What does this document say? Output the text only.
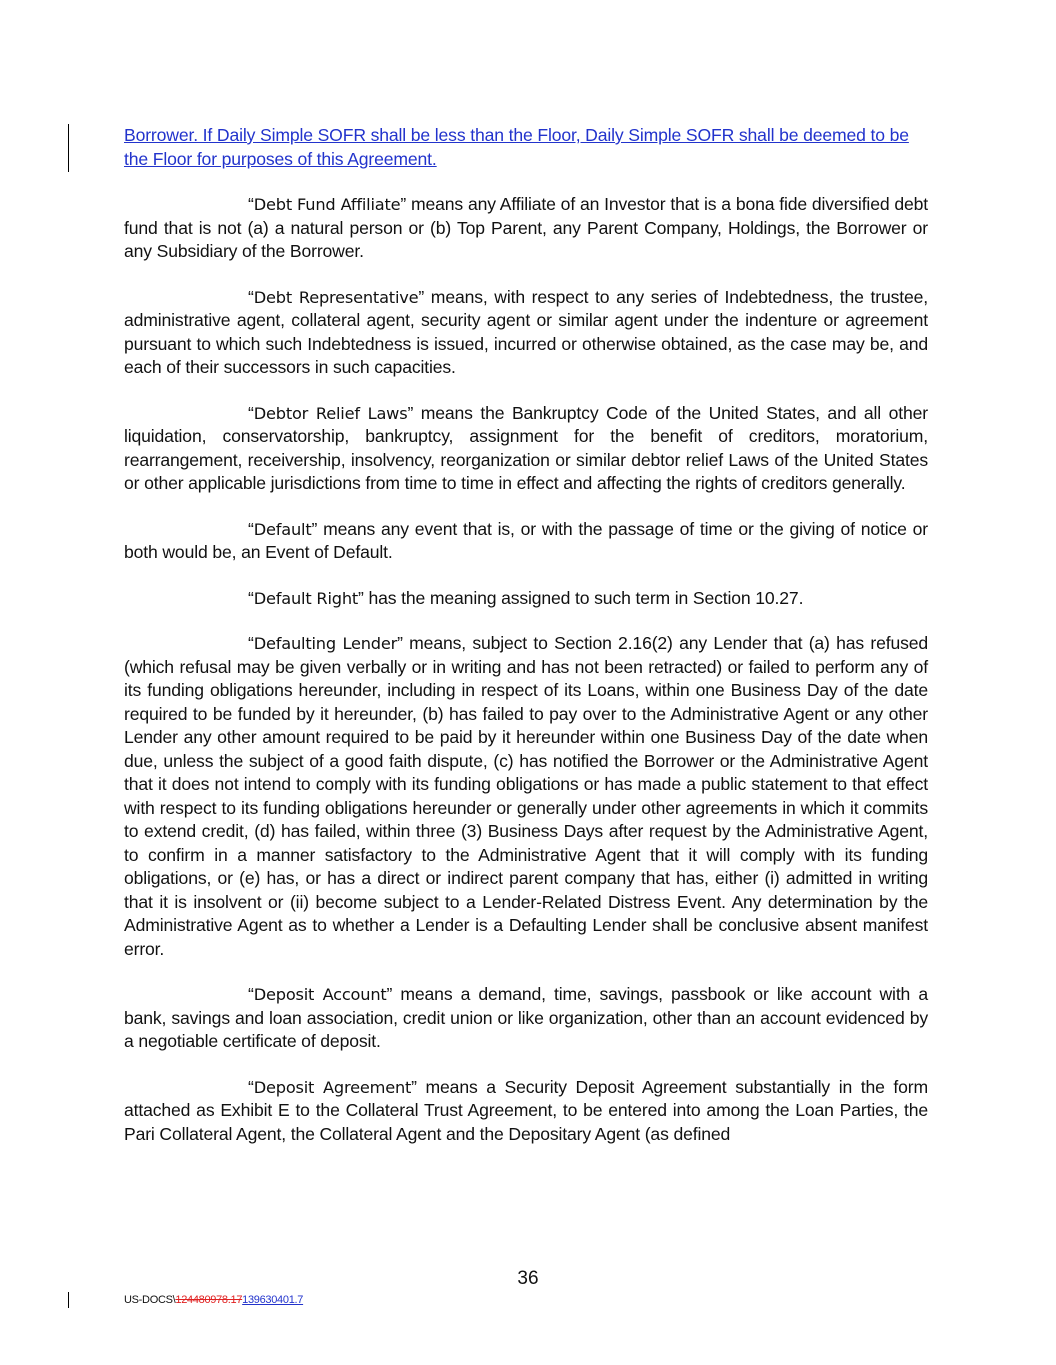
Borrower. If Daily Simple SOFR shall be less than the Floor, Daily Simple SOFR shall be deemed to be the Floor for purposes of this Agreement.

“Debt Fund Affiliate” means any Affiliate of an Investor that is a bona fide diversified debt fund that is not (a) a natural person or (b) Top Parent, any Parent Company, Holdings, the Borrower or any Subsidiary of the Borrower.

“Debt Representative” means, with respect to any series of Indebtedness, the trustee, administrative agent, collateral agent, security agent or similar agent under the indenture or agreement pursuant to which such Indebtedness is issued, incurred or otherwise obtained, as the case may be, and each of their successors in such capacities.

“Debtor Relief Laws” means the Bankruptcy Code of the United States, and all other liquidation, conservatorship, bankruptcy, assignment for the benefit of creditors, moratorium, rearrangement, receivership, insolvency, reorganization or similar debtor relief Laws of the United States or other applicable jurisdictions from time to time in effect and affecting the rights of creditors generally.

“Default” means any event that is, or with the passage of time or the giving of notice or both would be, an Event of Default.

“Default Right” has the meaning assigned to such term in Section 10.27.

“Defaulting Lender” means, subject to Section 2.16(2) any Lender that (a) has refused (which refusal may be given verbally or in writing and has not been retracted) or failed to perform any of its funding obligations hereunder, including in respect of its Loans, within one Business Day of the date required to be funded by it hereunder, (b) has failed to pay over to the Administrative Agent or any other Lender any other amount required to be paid by it hereunder within one Business Day of the date when due, unless the subject of a good faith dispute, (c) has notified the Borrower or the Administrative Agent that it does not intend to comply with its funding obligations or has made a public statement to that effect with respect to its funding obligations hereunder or generally under other agreements in which it commits to extend credit, (d) has failed, within three (3) Business Days after request by the Administrative Agent, to confirm in a manner satisfactory to the Administrative Agent that it will comply with its funding obligations, or (e) has, or has a direct or indirect parent company that has, either (i) admitted in writing that it is insolvent or (ii) become subject to a Lender-Related Distress Event. Any determination by the Administrative Agent as to whether a Lender is a Defaulting Lender shall be conclusive absent manifest error.

“Deposit Account” means a demand, time, savings, passbook or like account with a bank, savings and loan association, credit union or like organization, other than an account evidenced by a negotiable certificate of deposit.

“Deposit Agreement” means a Security Deposit Agreement substantially in the form attached as Exhibit E to the Collateral Trust Agreement, to be entered into among the Loan Parties, the Pari Collateral Agent, the Collateral Agent and the Depositary Agent (as defined

36
US-DOCS\124480978.17139630401.7
